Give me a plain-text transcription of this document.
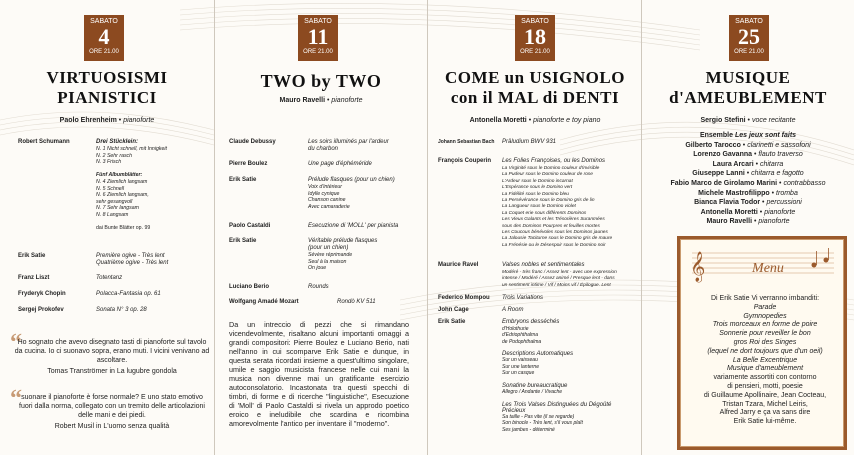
SABATO
4
ORE 21.00
VIRTUOSISMI
PIANISTICI
Paolo Ehrenheim • pianoforte
Robert Schumann	Drei Stücklein:
N. 1 Nicht schnell, mit Innigkeit
N. 2 Sehr rasch
N. 3 Frisch

Fünf Albumblätter:
N. 4 Ziemlich langsam
N. 5 Schnell
N. 6 Ziemlich langsam,
sehr gesangvoll
N. 7 Sehr langsam
N. 8 Langsam

dai Bunte Blätter op. 99
Erik Satie	Première ogive - Très lent
Quatrième ogive - Très lent
Franz Liszt	Totentanz
Fryderyk Chopin	Polacca-Fantasia op. 61
Sergej Prokofev	Sonata N° 3 op. 28
“
Ho sognato che avevo disegnato tasti di pianoforte sul tavolo da cucina. Io ci suonavo sopra, erano muti. I vicini venivano ad ascoltare.
Tomas Tranströmer in La lugubre gondola
“ suonare il pianoforte è forse normale? E uno stato emotivo fuori dalla norma, collegato con un tremito delle articolazioni delle mani e dei piedi.
Robert Musil in L'uomo senza qualità
SABATO
11
ORE 21.00
TWO by TWO
Mauro Ravelli • pianoforte
Claude Debussy	Les soirs illuminés par l'ardeur
du charbon
Pierre Boulez	Une page d'éphéméride
Erik Satie	Prélude flasques (pour un chien)
Voix d'intérieur
Idylle cynique
Chanson canine
Avec camaraderie
Paolo Castaldi	Esecuzione di 'MOLL' per pianista
Erik Satie	Véritable prélude flasques
(pour un chien)
Sévère réprimande
Seul à la maison
On joue
Luciano Berio	Rounds
Wolfgang Amadé Mozart	Rondò KV 511
Da un intreccio di pezzi che si rimandano vicendevolmente, risaltano alcuni importanti omaggi a grandi compositori: Pierre Boulez e Luciano Berio, nati nell'anno in cui scomparve Erik Satie e dunque, in questa serata ricordati insieme a quest'ultimo singolare, umile e saggio musicista francese nelle cui mani la musica non divenne mai un gratificante esercizio autoconsolatorio. Incastonata tra questi specchi di timbri, di forme e di ricerche "linguistiche", Esecuzione di 'Moll' di Paolo Castaldi si rivela un approdo poetico eroico e ineludibile che scardina e ricombina amorevolmente l'antico per inventare il "moderno".
SABATO
18
ORE 21.00
COME un USIGNOLO
con il MAL di DENTI
Antonella Moretti • pianoforte e toy piano
Johann Sebastian Bach Präludium BWV 931
François Couperin Les Folies Françoises, ou les Dominos
La Virginité sous le Domino couleur d'invisible
La Pudeur sous le Domino couleur de rose
L'Ardeur sous le Domino incarnat
L'Espérance sous le Domino vert
La Fidélité sous le Domino bleu
La Persévérance sous le Domino gris de lin
La Langueur sous le Domino violet
La Coquet erie sous différents Dominos
Les Vieux Galants et les Trésorières Suranmées
sous des Dominos Pourpres et feuilles mortes
Les Coucous bénévoles sous les Dominos jaunes
La Jalousie Taciturne sous le Domino gris de maure
La Frénésie ou le Désespoir sous le Domino noir
Maurice Ravel	Valses nobles et sentimentales
Modéré - très franc / Assez lent - avec une expression
intense / Modéré / Assez animé / Presque lent - dans
un sentiment intime / Vif / Moins vif / Épilogue. Lent
Federico Mompou Trois Variations
John Cage	A Room
Erik Satie	Embryons desséchés
d'Holothurie
d'Edriophthalma
de Podophthalma

Descriptions Automatiques
Sur un vaisseau
Sur une lanterne
Sur un casque

Sonatine bureaucratique
Allegro / Andante / Vivache

Les Trois Valses Distinguées du Dégoûté
Précieux
Sa taille - Pas vite (il se regarde)
Son binocle - Très lent, s'il vous plaît
Ses jambes - déterminé
SABATO
25
ORE 21.00
MUSIQUE
d'AMEUBLEMENT
Sergio Stefini • voce recitante
Ensemble Les jeux sont faits
Gilberto Tarocco • clarinetti e sassofoni
Lorenzo Gavanna • flauto traverso
Laura Arcari • chitarra
Giuseppe Lanni • chitarra e fagotto
Fabio Marco de Girolamo Marini • contrabbasso
Michele Mastrofilippo • tromba
Bianca Flavia Todor • percussioni
Antonella Moretti • pianoforte
Mauro Ravelli • pianoforte
𝄞	Menu
Di Erik Satie Vi verranno imbanditi:
Parade
Gymnopedies
Trois morceaux en forme de poire
Sonnerie pour reveiller le bon
gros Roi des Singes
(lequel ne dort toujours que d'un oeil)
La Belle Excentrique
Musique d'ameublement
variamente assortiti con contorno
di pensieri, motti, poesie
di Guillaume Apollinaire, Jean Cocteau,
Tristan Tzara, Michel Leiris,
Alfred Jarry e ça va sans dire
Erik Satie lui-même.
